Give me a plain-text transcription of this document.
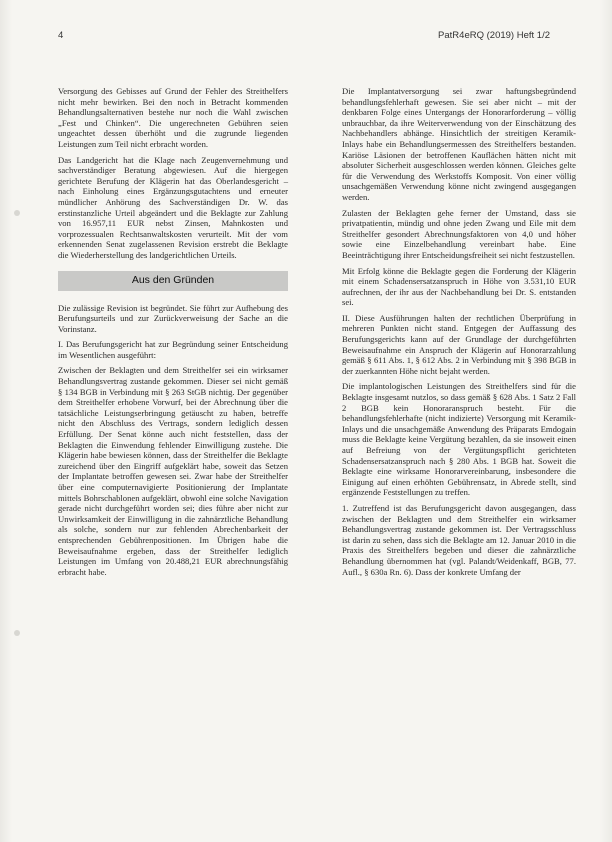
4	PatR4eRQ (2019) Heft 1/2

Versorgung des Gebisses auf Grund der Fehler des Streithelfers nicht mehr bewirken. Bei den noch in Betracht kommenden Behandlungsalternativen bestehe nur noch die Wahl zwischen „Fest und Chinken“. Die ungerechneten Gebühren seien ungeachtet dessen überhöht und die zugrunde liegenden Leistungen zum Teil nicht erbracht worden.

Das Landgericht hat die Klage nach Zeugenvernehmung und sachverständiger Beratung abgewiesen. Auf die hiergegen gerichtete Berufung der Klägerin hat das Oberlandesgericht – nach Einholung eines Ergänzungsgutachtens und erneuter mündlicher Anhörung des Sachverständigen Dr. W. das erstinstanzliche Urteil abgeändert und die Beklagte zur Zahlung von 16.957,11 EUR nebst Zinsen, Mahnkosten und vorprozessualen Rechtsanwaltskosten verurteilt. Mit der vom erkennenden Senat zugelassenen Revision erstrebt die Beklagte die Wiederherstellung des landgerichtlichen Urteils.

Aus den Gründen

Die zulässige Revision ist begründet. Sie führt zur Aufhebung des Berufungsurteils und zur Zurückverweisung der Sache an die Vorinstanz.

I. Das Berufungsgericht hat zur Begründung seiner Entscheidung im Wesentlichen ausgeführt:

Zwischen der Beklagten und dem Streithelfer sei ein wirksamer Behandlungsvertrag zustande gekommen. Dieser sei nicht gemäß § 134 BGB in Verbindung mit § 263 StGB nichtig. Der gegenüber dem Streithelfer erhobene Vorwurf, bei der Abrechnung über die tatsächliche Leistungserbringung getäuscht zu haben, betreffe nicht den Abschluss des Vertrags, sondern lediglich dessen Erfüllung. Der Senat könne auch nicht feststellen, dass der Beklagten die Einwendung fehlender Einwilligung zustehe. Die Klägerin habe bewiesen können, dass der Streithelfer die Beklagte zureichend über den Eingriff aufgeklärt habe, soweit das Setzen der Implantate betroffen gewesen sei. Zwar habe der Streithelfer über eine computernavigierte Positionierung der Implantate mittels Bohrschablonen aufgeklärt, obwohl eine solche Navigation gerade nicht durchgeführt worden sei; dies führe aber nicht zur Unwirksamkeit der Einwilligung in die zahnärztliche Behandlung als solche, sondern nur zur fehlenden Abrechenbarkeit der entsprechenden Gebührenpositionen. Im Übrigen habe die Beweisaufnahme ergeben, dass der Streithelfer lediglich Leistungen im Umfang von 20.488,21 EUR abrechnungsfähig erbracht habe.

Die Implantatversorgung sei zwar haftungsbegründend behandlungsfehlerhaft gewesen. Sie sei aber nicht – mit der denkbaren Folge eines Untergangs der Honorarforderung – völlig unbrauchbar, da ihre Weiterverwendung von der Einschätzung des Nachbehandlers abhänge. Hinsichtlich der streitigen Keramik-Inlays habe ein Behandlungsermessen des Streithelfers bestanden. Kariöse Läsionen der betroffenen Kauflächen hätten nicht mit absoluter Sicherheit ausgeschlossen werden können. Gleiches gelte für die Verwendung des Werkstoffs Komposit. Von einer völlig unsachgemäßen Verwendung könne nicht zwingend ausgegangen werden.

Zulasten der Beklagten gehe ferner der Umstand, dass sie privatpatientin, mündig und ohne jeden Zwang und Eile mit dem Streithelfer gesondert Abrechnungsfaktoren von 4,0 und höher sowie eine Einzelbehandlung vereinbart habe. Eine Beeinträchtigung ihrer Entscheidungsfreiheit sei nicht festzustellen.

Mit Erfolg könne die Beklagte gegen die Forderung der Klägerin mit einem Schadensersatzanspruch in Höhe von 3.531,10 EUR aufrechnen, der ihr aus der Nachbehandlung bei Dr. S. entstanden sei.

II. Diese Ausführungen halten der rechtlichen Überprüfung in mehreren Punkten nicht stand. Entgegen der Auffassung des Berufungsgerichts kann auf der Grundlage der durchgeführten Beweisaufnahme ein Anspruch der Klägerin auf Honorarzahlung gemäß § 611 Abs. 1, § 612 Abs. 2 in Verbindung mit § 398 BGB in der zuerkannten Höhe nicht bejaht werden.

Die implantologischen Leistungen des Streithelfers sind für die Beklagte insgesamt nutzlos, so dass gemäß § 628 Abs. 1 Satz 2 Fall 2 BGB kein Honoraranspruch besteht. Für die behandlungsfehlerhafte (nicht indizierte) Versorgung mit Keramik-Inlays und die unsachgemäße Anwendung des Präparats Emdogain muss die Beklagte keine Vergütung bezahlen, da sie insoweit einen auf Befreiung von der Vergütungspflicht gerichteten Schadensersatzanspruch nach § 280 Abs. 1 BGB hat. Soweit die Beklagte eine wirksame Honorarvereinbarung, insbesondere die Einigung auf einen erhöhten Gebührensatz, in Abrede stellt, sind ergänzende Feststellungen zu treffen.

1. Zutreffend ist das Berufungsgericht davon ausgegangen, dass zwischen der Beklagten und dem Streithelfer ein wirksamer Behandlungsvertrag zustande gekommen ist. Der Vertragsschluss ist darin zu sehen, dass sich die Beklagte am 12. Januar 2010 in die Praxis des Streithelfers begeben und dieser die zahnärztliche Behandlung übernommen hat (vgl. Palandt/Weidenkaff, BGB, 77. Aufl., § 630a Rn. 6). Dass der konkrete Umfang der
